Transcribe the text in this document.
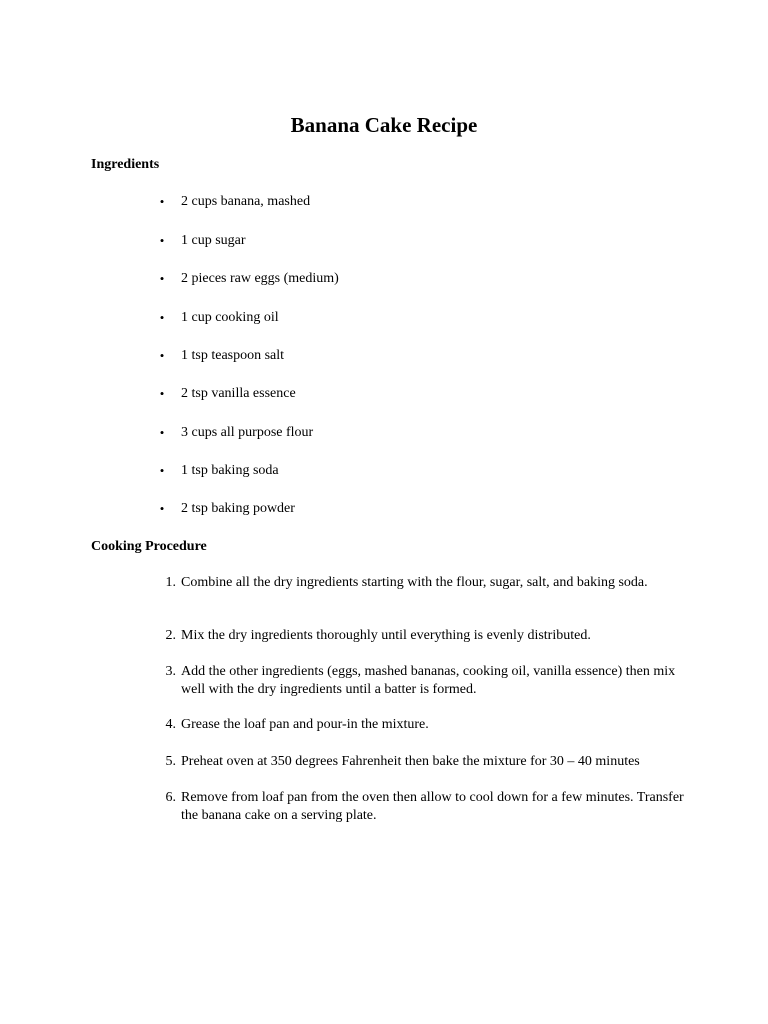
Banana Cake Recipe
Ingredients
• 2 cups banana, mashed
• 1 cup sugar
• 2 pieces raw eggs (medium)
• 1 cup cooking oil
• 1 tsp teaspoon salt
• 2 tsp vanilla essence
• 3 cups all purpose flour
• 1 tsp baking soda
• 2 tsp baking powder
Cooking Procedure
1. Combine all the dry ingredients starting with the flour, sugar, salt, and baking soda.
2. Mix the dry ingredients thoroughly until everything is evenly distributed.
3. Add the other ingredients (eggs, mashed bananas, cooking oil, vanilla essence) then mix well with the dry ingredients until a batter is formed.
4. Grease the loaf pan and pour-in the mixture.
5. Preheat oven at 350 degrees Fahrenheit then bake the mixture for 30 – 40 minutes
6. Remove from loaf pan from the oven then allow to cool down for a few minutes. Transfer the banana cake on a serving plate.
